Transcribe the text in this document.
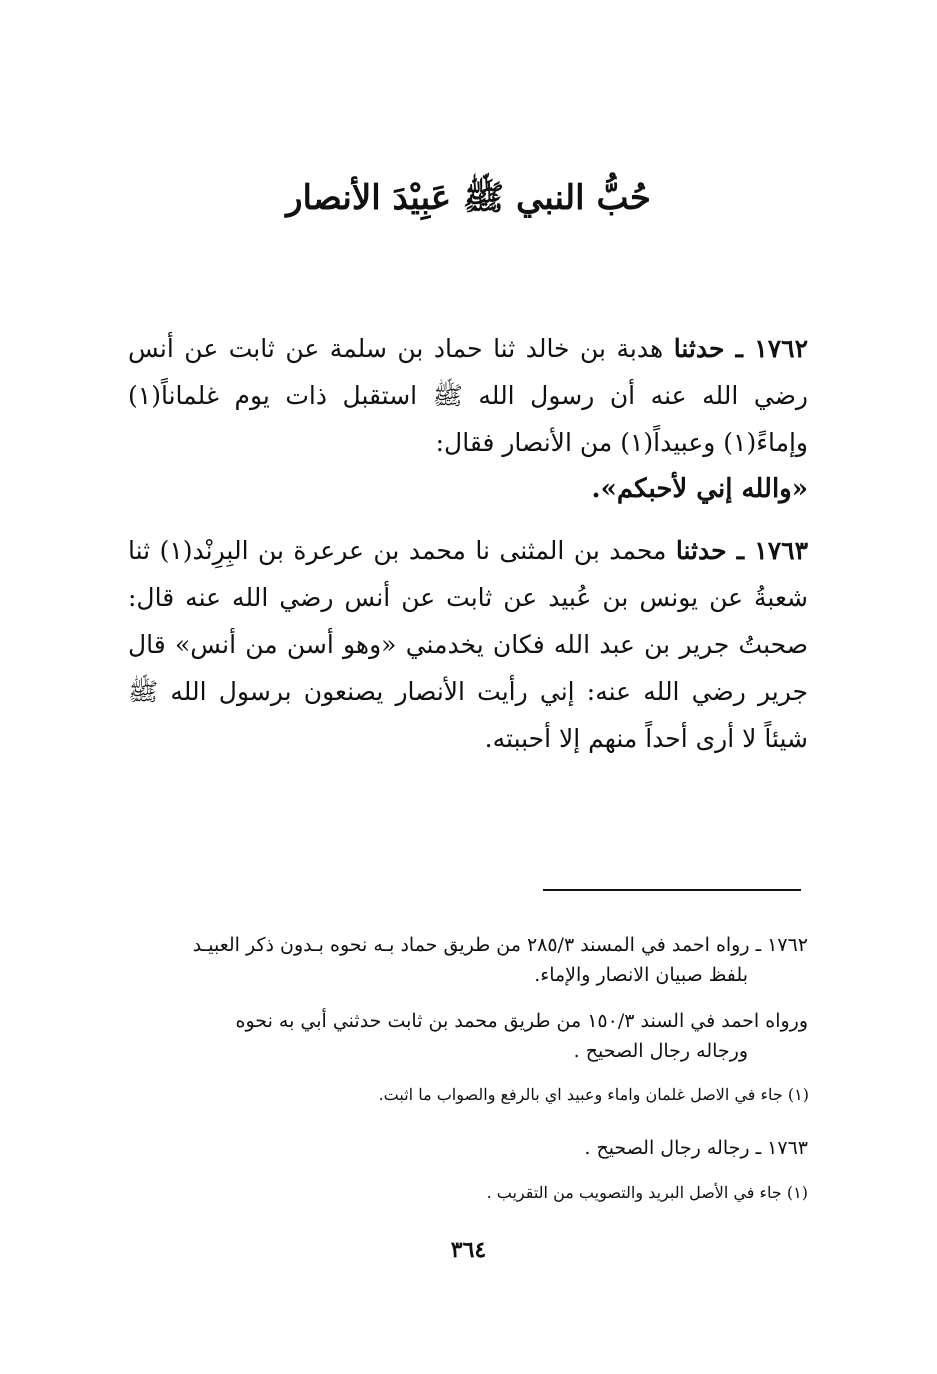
حُبُّ النبي ﷺ عَبِيْدَ الأنصار
١٧٦٢ ـ حدثنا هدبة بن خالد ثنا حماد بن سلمة عن ثابت عن أنس رضي الله عنه أن رسول الله ﷺ استقبل ذات يوم غلماناً(١) وإماءً(١) وعبيداً(١) من الأنصار فقال:
«والله إني لأحبكم».
١٧٦٣ ـ حدثنا محمد بن المثنى نا محمد بن عرعرة بن البِرِنْد(١) ثنا شعبةُ عن يونس بن عُبيد عن ثابت عن أنس رضي الله عنه قال: صحبتُ جرير بن عبد الله فكان يخدمني «وهو أسن من أنس» قال جرير رضي الله عنه: إني رأيت الأنصار يصنعون برسول الله ﷺ شيئاً لا أرى أحداً منهم إلا أحببته.
١٧٦٢ ـ رواه احمد في المسند ٢٨٥/٣ من طريق حماد بـه نحوه بـدون ذكر العبيـد
بلفظ صبيان الانصار والإماء.
ورواه احمد في السند ١٥٠/٣ من طريق محمد بن ثابت حدثني أبي به نحوه
ورجاله رجال الصحيح .
(١) جاء في الاصل غلمان واماء وعبيد اي بالرفع والصواب ما اثبت.
١٧٦٣ ـ رجاله رجال الصحيح .
(١) جاء في الأصل البريد والتصويب من التقريب .
٣٦٤
